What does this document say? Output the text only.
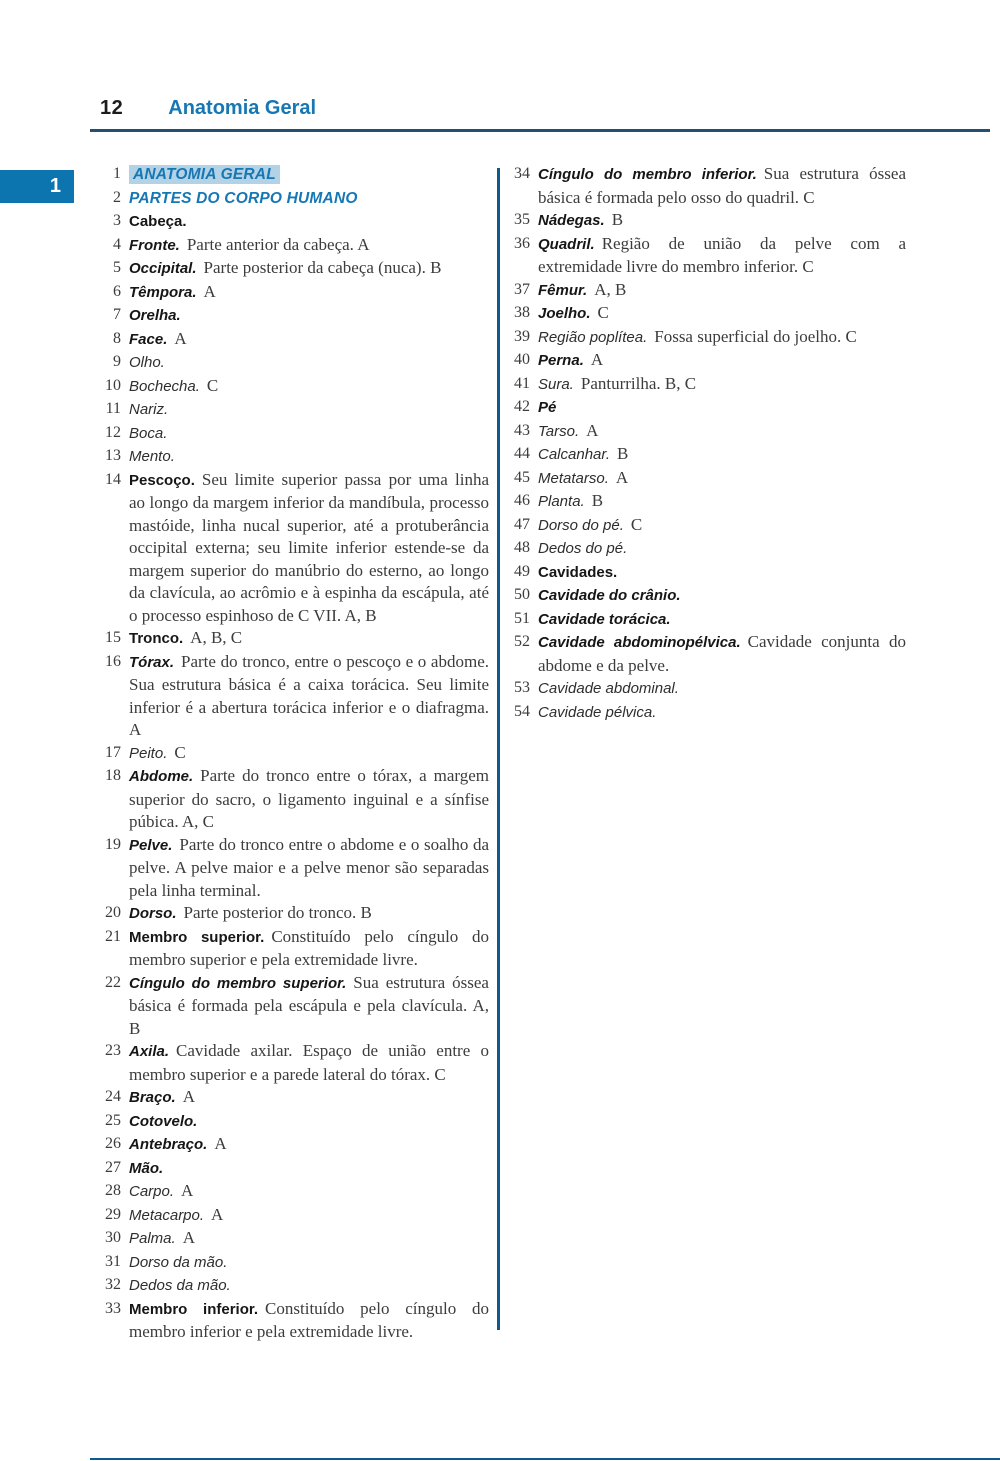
12 Anatomia Geral
1
1 ANATOMIA GERAL
2 PARTES DO CORPO HUMANO
3 Cabeça.
4 Fronte. Parte anterior da cabeça. A
5 Occipital. Parte posterior da cabeça (nuca). B
6 Têmpora. A
7 Orelha.
8 Face. A
9 Olho.
10 Bochecha. C
11 Nariz.
12 Boca.
13 Mento.
14 Pescoço. Seu limite superior passa por uma linha ao longo da margem inferior da mandíbula, processo mastóide, linha nucal superior, até a protuberância occipital externa; seu limite inferior estende-se da margem superior do manúbrio do esterno, ao longo da clavícula, ao acrômio e à espinha da escápula, até o processo espinhoso de C VII. A, B
15 Tronco. A, B, C
16 Tórax. Parte do tronco, entre o pescoço e o abdome. Sua estrutura básica é a caixa torácica. Seu limite inferior é a abertura torácica inferior e o diafragma. A
17 Peito. C
18 Abdome. Parte do tronco entre o tórax, a margem superior do sacro, o ligamento inguinal e a sínfise púbica. A, C
19 Pelve. Parte do tronco entre o abdome e o soalho da pelve. A pelve maior e a pelve menor são separadas pela linha terminal.
20 Dorso. Parte posterior do tronco. B
21 Membro superior. Constituído pelo cíngulo do membro superior e pela extremidade livre.
22 Cíngulo do membro superior. Sua estrutura óssea básica é formada pela escápula e pela clavícula. A, B
23 Axila. Cavidade axilar. Espaço de união entre o membro superior e a parede lateral do tórax. C
24 Braço. A
25 Cotovelo.
26 Antebraço. A
27 Mão.
28 Carpo. A
29 Metacarpo. A
30 Palma. A
31 Dorso da mão.
32 Dedos da mão.
33 Membro inferior. Constituído pelo cíngulo do membro inferior e pela extremidade livre.
34 Cíngulo do membro inferior. Sua estrutura óssea básica é formada pelo osso do quadril. C
35 Nádegas. B
36 Quadril. Região de união da pelve com a extremidade livre do membro inferior. C
37 Fêmur. A, B
38 Joelho. C
39 Região poplítea. Fossa superficial do joelho. C
40 Perna. A
41 Sura. Panturrilha. B, C
42 Pé
43 Tarso. A
44 Calcanhar. B
45 Metatarso. A
46 Planta. B
47 Dorso do pé. C
48 Dedos do pé.
49 Cavidades.
50 Cavidade do crânio.
51 Cavidade torácica.
52 Cavidade abdominopélvica. Cavidade conjunta do abdome e da pelve.
53 Cavidade abdominal.
54 Cavidade pélvica.
